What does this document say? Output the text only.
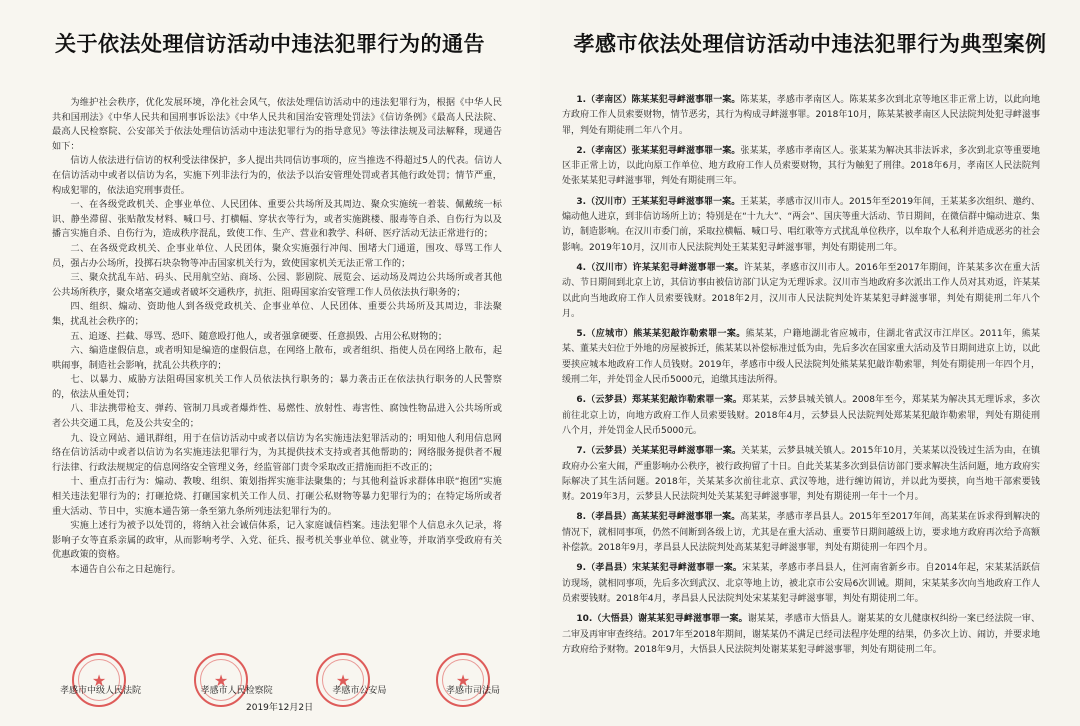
关于依法处理信访活动中违法犯罪行为的通告

为维护社会秩序，优化发展环境，净化社会风气，依法处理信访活动中的违法犯罪行为，根据《中华人民共和国刑法》《中华人民共和国刑事诉讼法》《中华人民共和国治安管理处罚法》《信访条例》《最高人民法院、最高人民检察院、公安部关于依法处理信访活动中违法犯罪行为的指导意见》等法律法规及司法解释，现通告如下：

信访人依法进行信访的权利受法律保护，多人提出共同信访事项的，应当推选不得超过5人的代表。信访人在信访活动中或者以信访为名，实施下列非法行为的，依法予以治安管理处罚或者其他行政处罚；情节严重，构成犯罪的，依法追究刑事责任。

一、在各级党政机关、企事业单位、人民团体、重要公共场所及其周边、聚众实施统一着装、佩戴统一标识、静坐滞留、张贴散发材料、喊口号、打横幅、穿状衣等行为，或者实施跳楼、服毒等自杀、自伤行为以及播言实施自杀、自伤行为，造成秩序混乱，致使工作、生产、营业和教学、科研、医疗活动无法正常进行的；

二、在各级党政机关、企事业单位、人民团体，聚众实施强行冲闯、围堵大门通道，围攻、辱骂工作人员，强占办公场所，投掷石块杂物等冲击国家机关行为，致使国家机关无法正常工作的；

三、聚众扰乱车站、码头、民用航空站、商场、公园、影剧院、展览会、运动场及周边公共场所或者其他公共场所秩序，聚众堵塞交通或者破坏交通秩序，抗拒、阻碍国家治安管理工作人员依法执行职务的；

四、组织、煽动、资助他人到各级党政机关、企事业单位、人民团体、重要公共场所及其周边，非法聚集，扰乱社会秩序的；

五、追逐、拦截、辱骂、恐吓、随意殴打他人，或者强拿硬要、任意损毁、占用公私财物的；

六、编造虚假信息，或者明知是编造的虚假信息，在网络上散布，或者组织、指使人员在网络上散布，起哄闹事，制造社会影响，扰乱公共秩序的；

七、以暴力、威胁方法阻碍国家机关工作人员依法执行职务的；暴力袭击正在依法执行职务的人民警察的，依法从重处罚；

八、非法携带枪支、弹药、管制刀具或者爆炸性、易燃性、放射性、毒害性、腐蚀性物品进入公共场所或者公共交通工具，危及公共安全的；

九、设立网站、通讯群组，用于在信访活动中或者以信访为名实施违法犯罪活动的；明知他人利用信息网络在信访活动中或者以信访为名实施违法犯罪行为，为其提供技术支持或者其他帮助的；网络服务提供者不履行法律、行政法规规定的信息网络安全管理义务，经监管部门责令采取改正措施而拒不改正的；

十、重点打击行为：煽动、教唆、组织、策划指挥实施非法聚集的；与其他利益诉求群体串联“抱团”实施相关违法犯罪行为的；打砸抢烧、打砸国家机关工作人员、打砸公私财物等暴力犯罪行为的；在特定场所或者重大活动、节日中，实施本通告第一条至第九条所列违法犯罪行为的。

实施上述行为被予以处罚的，将纳入社会诚信体系，记入家庭诚信档案。违法犯罪个人信息永久记录，将影响子女等直系亲属的政审，从而影响考学、入党、征兵、报考机关事业单位、就业等，并取消享受政府有关优惠政策的资格。

本通告自公布之日起施行。

★	★	★	★
孝感市中级人民法院	孝感市人民检察院	孝感市公安局	孝感市司法局
2019年12月2日
孝感市依法处理信访活动中违法犯罪行为典型案例

1.（孝南区）陈某某犯寻衅滋事罪一案。陈某某，孝感市孝南区人。陈某某多次到北京等地区非正常上访，以此向地方政府工作人员索要财物，情节恶劣，其行为构成寻衅滋事罪。2018年10月，陈某某被孝南区人民法院判处犯寻衅滋事罪，判处有期徒刑二年八个月。

2.（孝南区）张某某犯寻衅滋事罪一案。张某某，孝感市孝南区人。张某某为解决其非法诉求，多次到北京等重要地区非正常上访，以此向原工作单位、地方政府工作人员索要财物，其行为触犯了刑律。2018年6月，孝南区人民法院判处张某某犯寻衅滋事罪，判处有期徒刑三年。

3.（汉川市）王某某犯寻衅滋事罪一案。王某某，孝感市汉川市人。2015年至2019年间，王某某多次组织、邀约、煽动他人进京，到非信访场所上访；特别是在“十九大”、“两会”、国庆等重大活动、节日期间，在微信群中煽动进京、集访，制造影响。在汉川市委门前，采取拉横幅、喊口号、唱红歌等方式扰乱单位秩序，以牟取个人私利并造成恶劣的社会影响。2019年10月，汉川市人民法院判处王某某犯寻衅滋事罪，判处有期徒刑二年。

4.（汉川市）许某某犯寻衅滋事罪一案。许某某，孝感市汉川市人。2016年至2017年期间，许某某多次在重大活动、节日期间到北京上访，其信访事由被信访部门认定为无理诉求。汉川市当地政府多次派出工作人员对其劝返，许某某以此向当地政府工作人员索要钱财。2018年2月，汉川市人民法院判处许某某犯寻衅滋事罪，判处有期徒刑二年八个月。

5.（应城市）熊某某犯敲诈勒索罪一案。熊某某，户籍地湖北省应城市，住湖北省武汉市江岸区。2011年，熊某某、董某夫妇位于外地的房屋被拆迁，熊某某以补偿标准过低为由，先后多次在国家重大活动及节日期间进京上访，以此要挟应城本地政府工作人员钱财。2019年，孝感市中级人民法院判处熊某某犯敲诈勒索罪，判处有期徒刑一年四个月，缓刑二年，并处罚金人民币5000元，追缴其违法所得。

6.（云梦县）郑某某犯敲诈勒索罪一案。郑某某，云梦县城关镇人。2008年至今，郑某某为解决其无理诉求，多次前往北京上访，向地方政府工作人员索要钱财。2018年4月，云梦县人民法院判处郑某某犯敲诈勒索罪，判处有期徒刑八个月，并处罚金人民币5000元。

7.（云梦县）关某某犯寻衅滋事罪一案。关某某，云梦县城关镇人。2015年10月，关某某以没钱过生活为由，在镇政府办公室大闹，严重影响办公秩序，被行政拘留了十日。自此关某某多次到县信访部门要求解决生活问题，地方政府实际解决了其生活问题。2018年，关某某多次前往北京、武汉等地，进行缠访闹访，并以此为要挟，向当地干部索要钱财。2019年3月，云梦县人民法院判处关某某犯寻衅滋事罪，判处有期徒刑一年十一个月。

8.（孝昌县）高某某犯寻衅滋事罪一案。高某某，孝感市孝昌县人。2015年至2017年间，高某某在诉求得到解决的情况下，就相同事项，仍然不间断到各级上访，尤其是在重大活动、重要节日期间越级上访，要求地方政府再次给予高额补偿款。2018年9月，孝昌县人民法院判处高某某犯寻衅滋事罪，判处有期徒刑一年四个月。

9.（孝昌县）宋某某犯寻衅滋事罪一案。宋某某，孝感市孝昌县人，住河南省新乡市。自2014年起，宋某某活跃信访现场，就相同事项，先后多次到武汉、北京等地上访，被北京市公安局6次训诫。期间，宋某某多次向当地政府工作人员索要钱财。2018年4月，孝昌县人民法院判处宋某某犯寻衅滋事罪，判处有期徒刑二年。

10.（大悟县）谢某某犯寻衅滋事罪一案。谢某某，孝感市大悟县人。谢某某的女儿健康权纠纷一案已经法院一审、二审及再审审查终结。2017年至2018年期间，谢某某仍不满足已经司法程序处理的结果，仍多次上访、闹访，并要求地方政府给予财物。2018年9月，大悟县人民法院判处谢某某犯寻衅滋事罪，判处有期徒刑二年。
